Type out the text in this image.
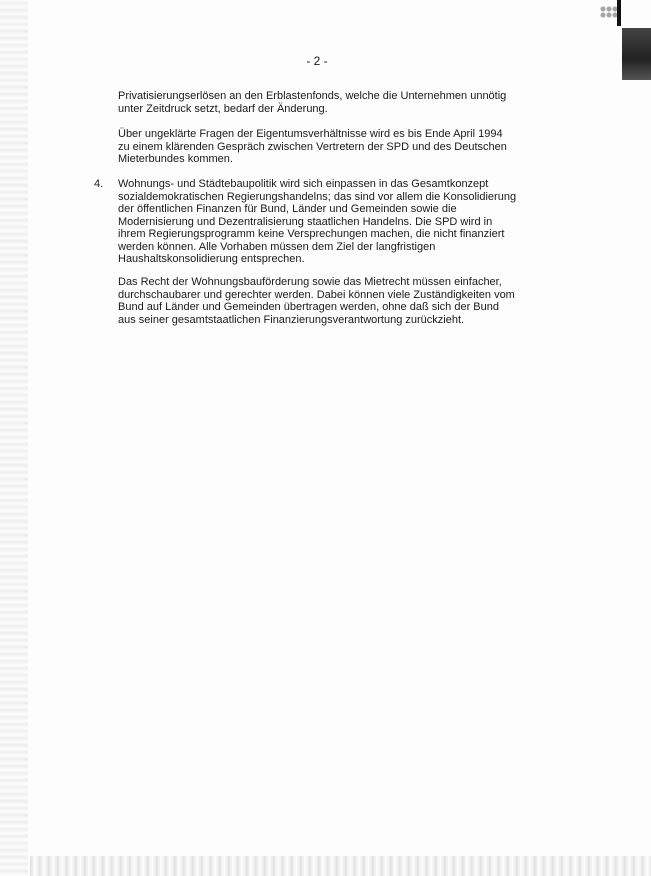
- 2 -

Privatisierungserlösen an den Erblastenfonds, welche die Unternehmen unnötig
unter Zeitdruck setzt, bedarf der Änderung.

Über ungeklärte Fragen der Eigentumsverhältnisse wird es bis Ende April 1994
zu einem klärenden Gespräch zwischen Vertretern der SPD und des Deutschen
Mieterbundes kommen.

4. Wohnungs- und Städtebaupolitik wird sich einpassen in das Gesamtkonzept
sozialdemokratischen Regierungshandelns; das sind vor allem die Konsolidierung
der öffentlichen Finanzen für Bund, Länder und Gemeinden sowie die
Modernisierung und Dezentralisierung staatlichen Handelns. Die SPD wird in
ihrem Regierungsprogramm keine Versprechungen machen, die nicht finanziert
werden können. Alle Vorhaben müssen dem Ziel der langfristigen
Haushaltskonsolidierung entsprechen.

Das Recht der Wohnungsbauförderung sowie das Mietrecht müssen einfacher,
durchschaubarer und gerechter werden. Dabei können viele Zuständigkeiten vom
Bund auf Länder und Gemeinden übertragen werden, ohne daß sich der Bund
aus seiner gesamtstaatlichen Finanzierungsverantwortung zurückzieht.
